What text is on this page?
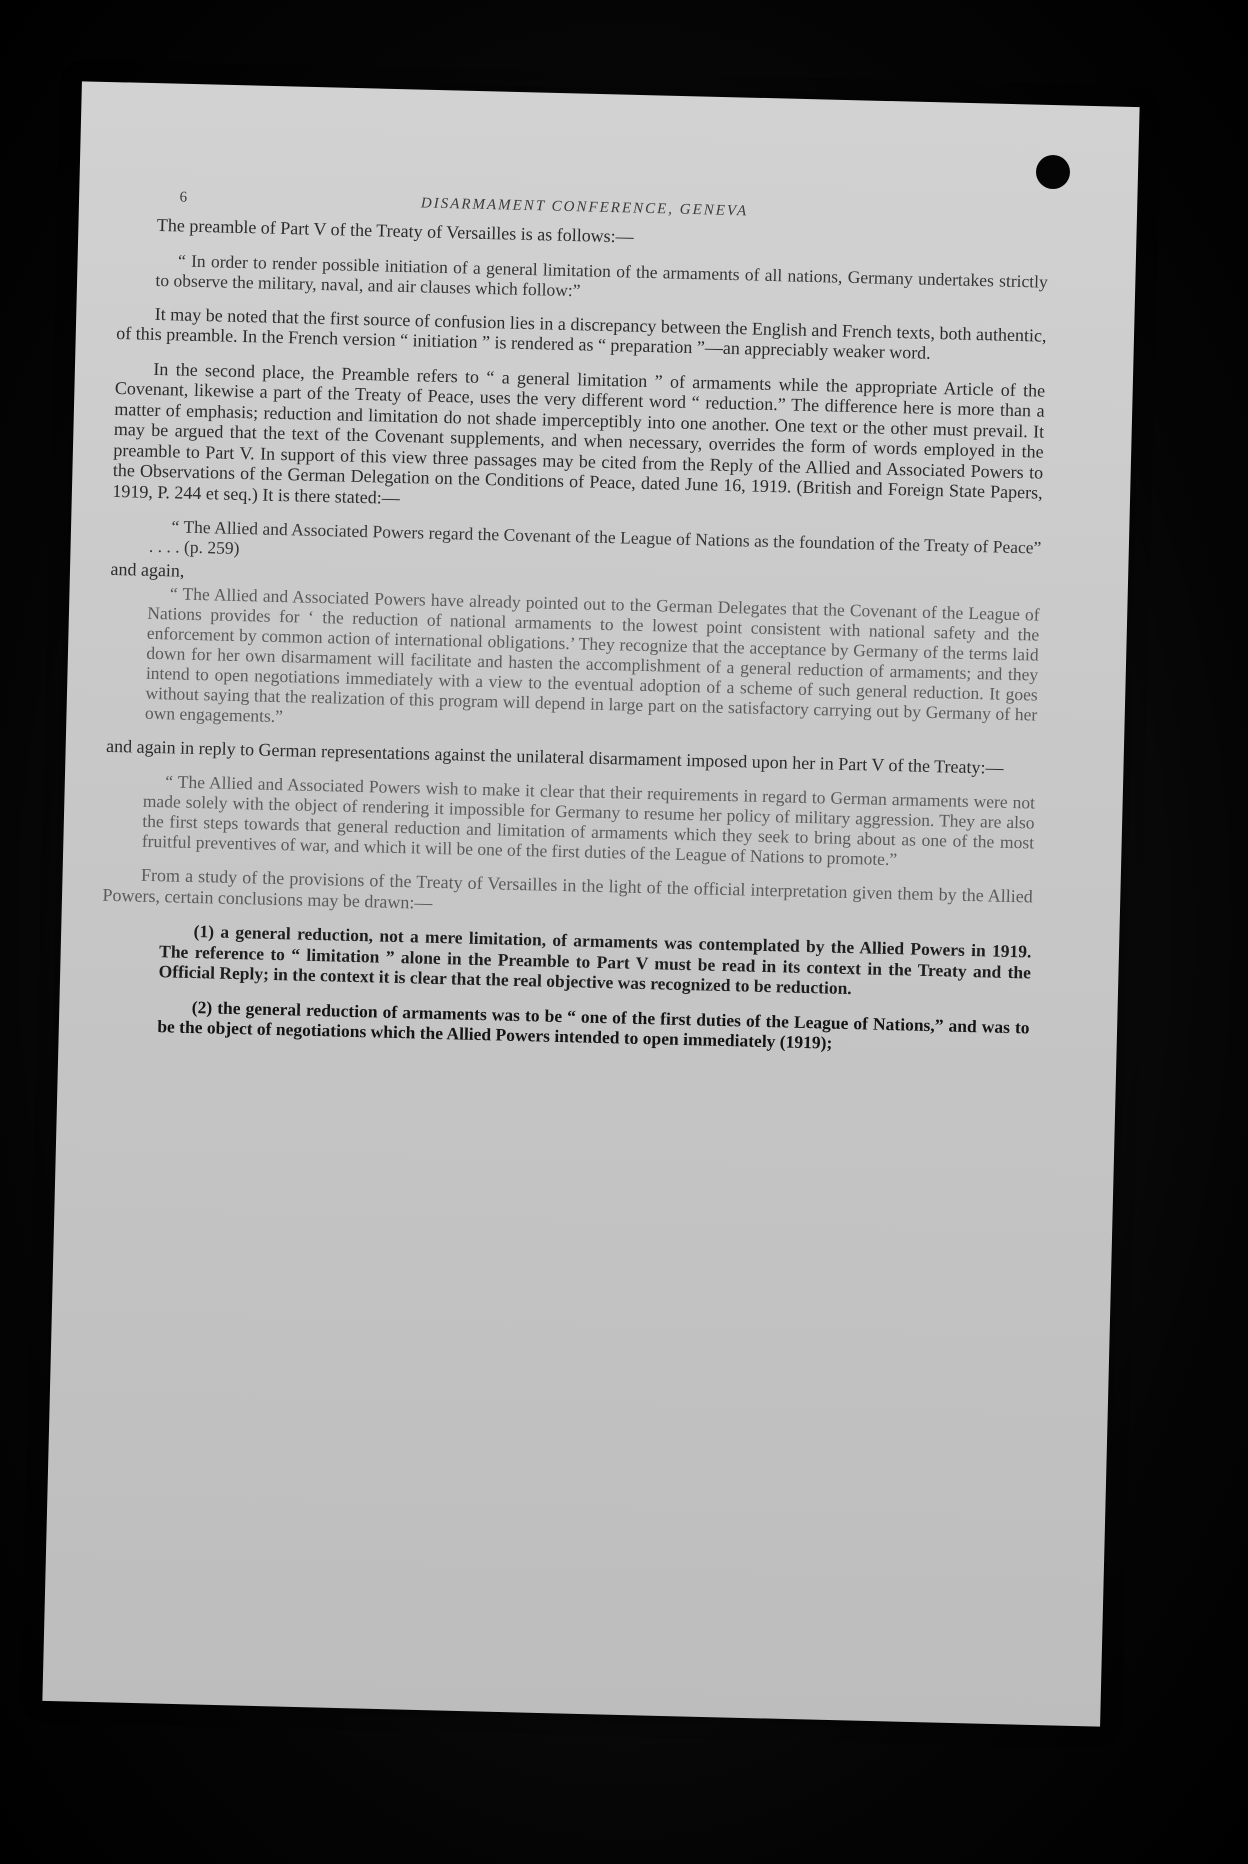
6	DISARMAMENT CONFERENCE, GENEVA

The preamble of Part V of the Treaty of Versailles is as follows:—

“ In order to render possible initiation of a general limitation of the armaments of all nations, Germany undertakes strictly to observe the military, naval, and air clauses which follow:”

It may be noted that the first source of confusion lies in a discrepancy between the English and French texts, both authentic, of this preamble. In the French version “ initiation ” is rendered as “ preparation ”—an appreciably weaker word.

In the second place, the Preamble refers to “ a general limitation ” of armaments while the appropriate Article of the Covenant, likewise a part of the Treaty of Peace, uses the very different word “ reduction.” The difference here is more than a matter of emphasis; reduction and limitation do not shade imperceptibly into one another. One text or the other must prevail. It may be argued that the text of the Covenant supplements, and when necessary, overrides the form of words employed in the preamble to Part V. In support of this view three passages may be cited from the Reply of the Allied and Associated Powers to the Observations of the German Delegation on the Conditions of Peace, dated June 16, 1919. (British and Foreign State Papers, 1919, P. 244 et seq.) It is there stated:—

“ The Allied and Associated Powers regard the Covenant of the League of Nations as the foundation of the Treaty of Peace” . . . . (p. 259)

and again,

“ The Allied and Associated Powers have already pointed out to the German Delegates that the Covenant of the League of Nations provides for ‘ the reduction of national armaments to the lowest point consistent with national safety and the enforcement by common action of international obligations.’ They recognize that the acceptance by Germany of the terms laid down for her own disarmament will facilitate and hasten the accomplishment of a general reduction of armaments; and they intend to open negotiations immediately with a view to the eventual adoption of a scheme of such general reduction. It goes without saying that the realization of this program will depend in large part on the satisfactory carrying out by Germany of her own engagements.”

and again in reply to German representations against the unilateral disarmament imposed upon her in Part V of the Treaty:—

“ The Allied and Associated Powers wish to make it clear that their requirements in regard to German armaments were not made solely with the object of rendering it impossible for Germany to resume her policy of military aggression. They are also the first steps towards that general reduction and limitation of armaments which they seek to bring about as one of the most fruitful preventives of war, and which it will be one of the first duties of the League of Nations to promote.”

From a study of the provisions of the Treaty of Versailles in the light of the official interpretation given them by the Allied Powers, certain conclusions may be drawn:—

(1) a general reduction, not a mere limitation, of armaments was contemplated by the Allied Powers in 1919. The reference to “ limitation ” alone in the Preamble to Part V must be read in its context in the Treaty and the Official Reply; in the context it is clear that the real objective was recognized to be reduction.

(2) the general reduction of armaments was to be “ one of the first duties of the League of Nations,” and was to be the object of negotiations which the Allied Powers intended to open immediately (1919);
